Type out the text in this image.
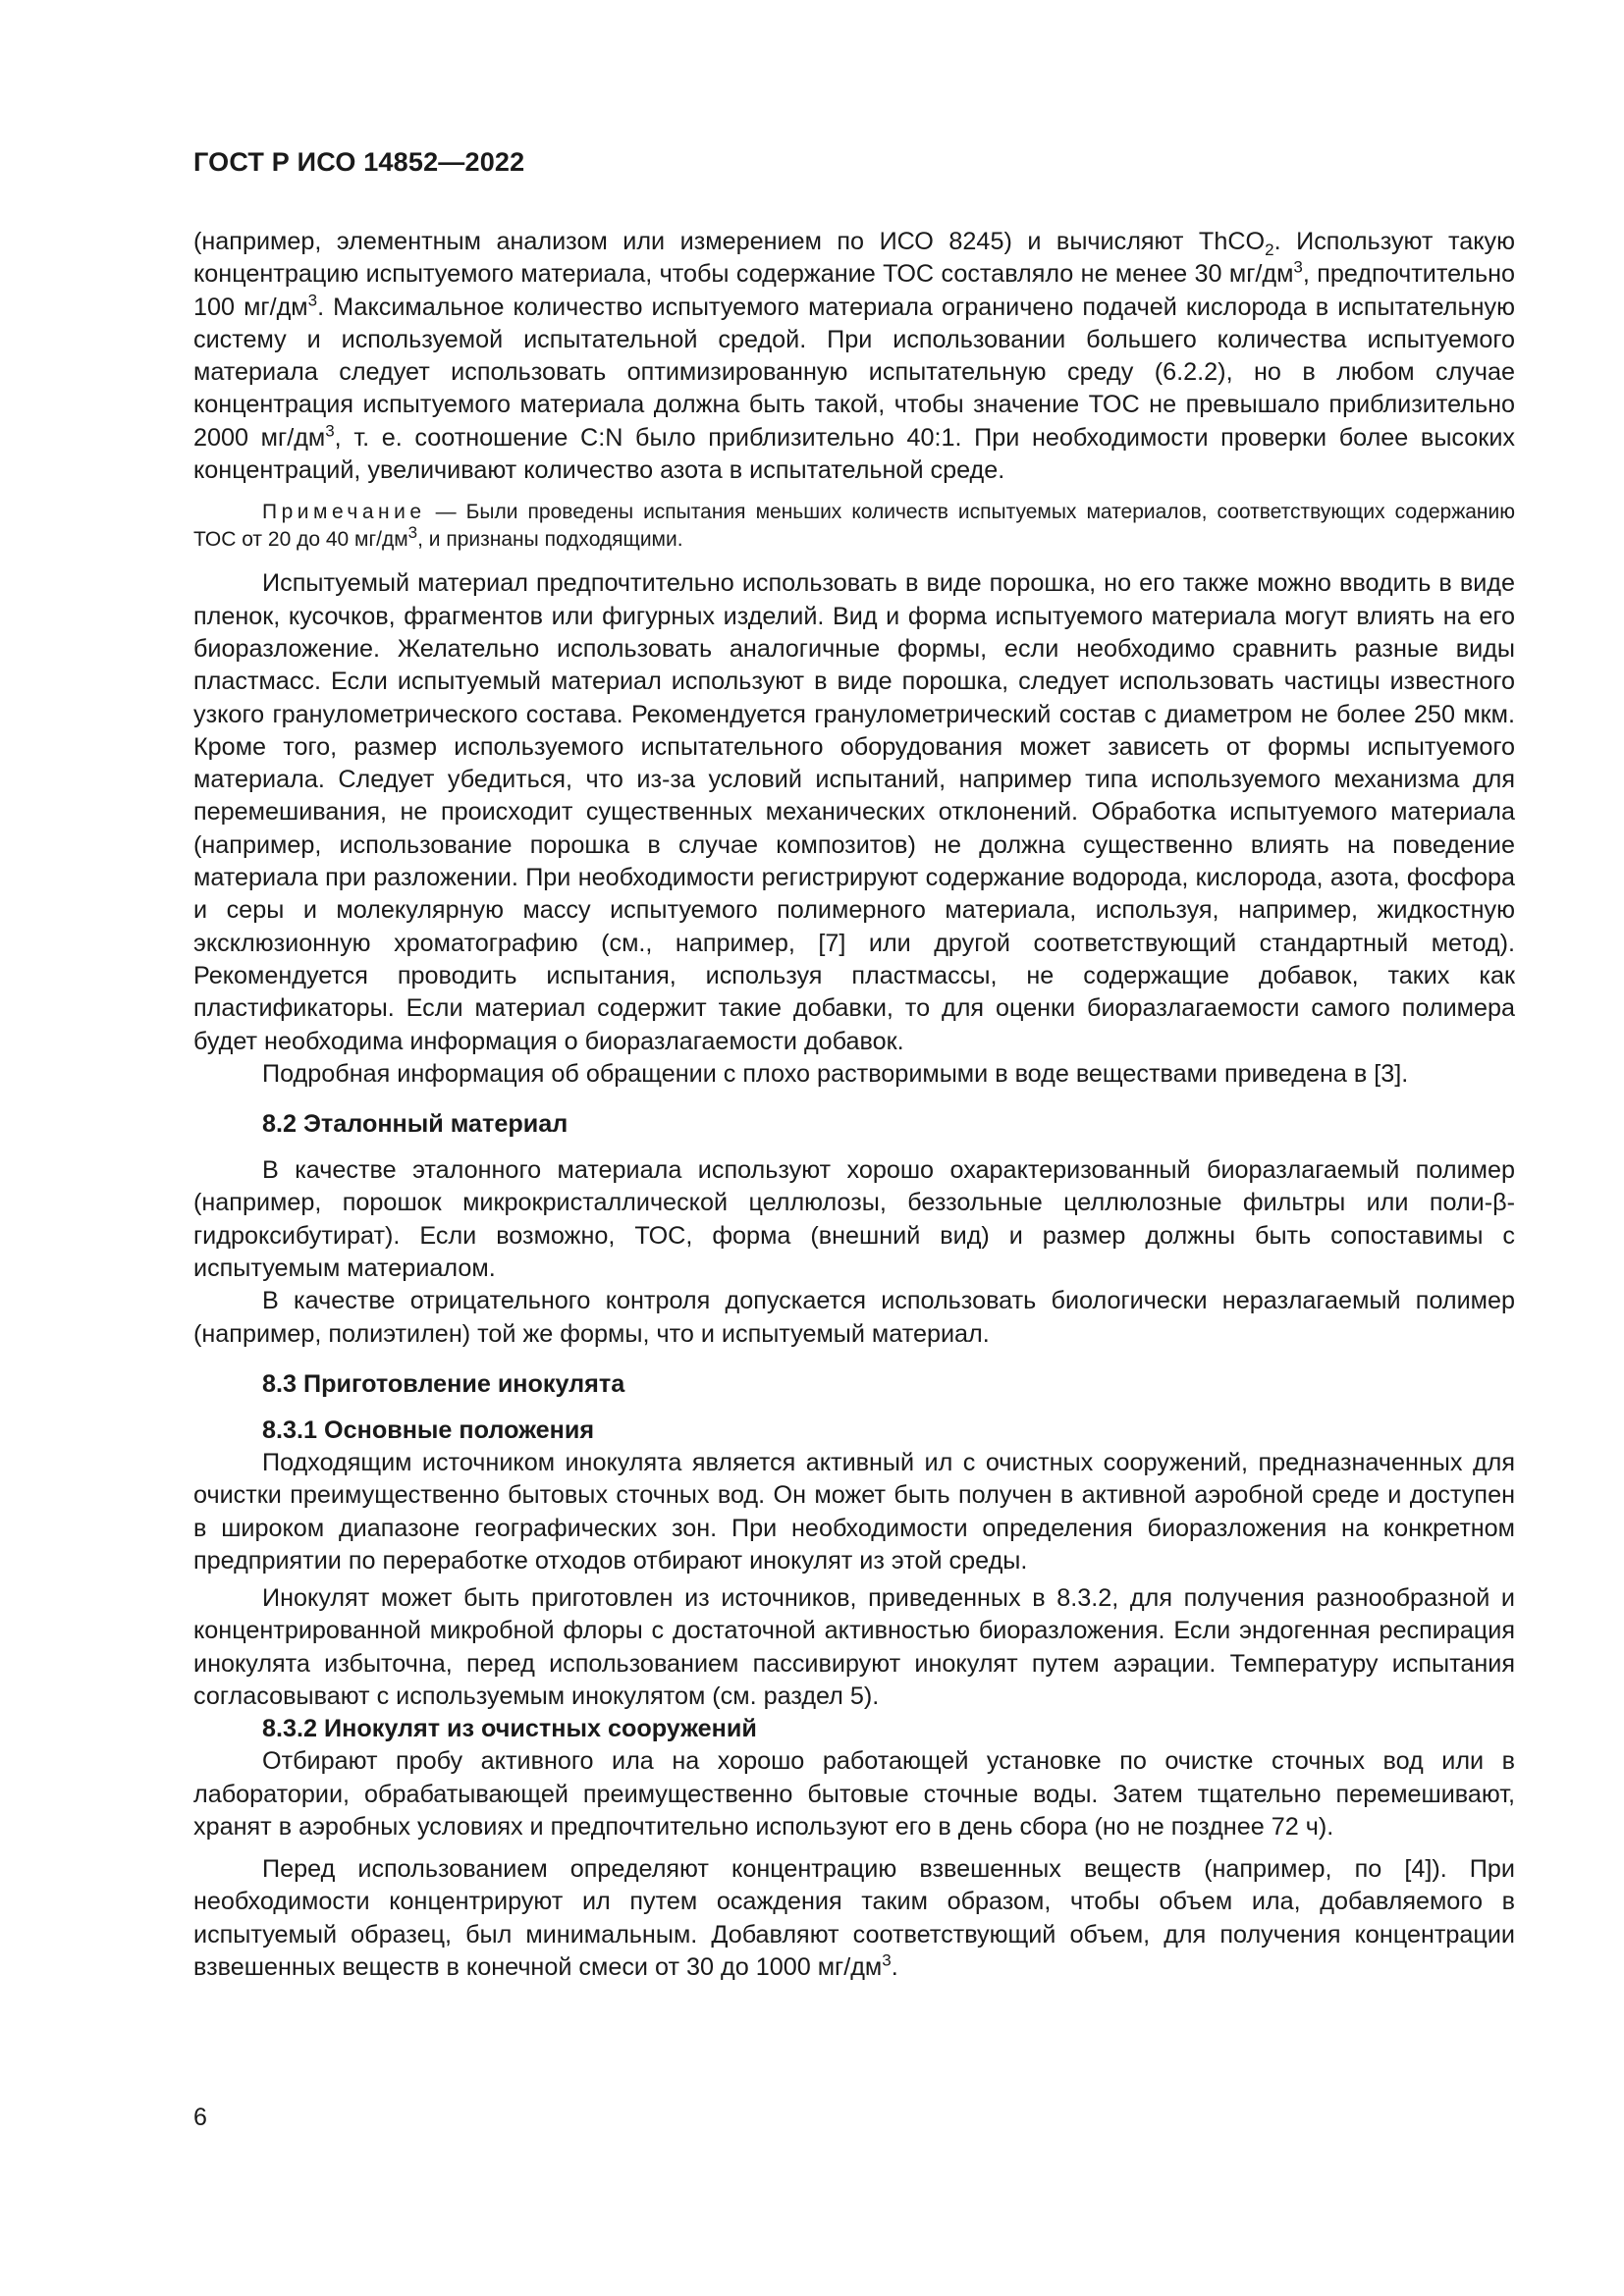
ГОСТ Р ИСО 14852—2022

(например, элементным анализом или измерением по ИСО 8245) и вычисляют ThCO$_2$. Используют такую концентрацию испытуемого материала, чтобы содержание ТОС составляло не менее 30 $мг/дм^3$, предпочтительно 100 $мг/дм^3$. Максимальное количество испытуемого материала ограничено подачей кислорода в испытательную систему и используемой испытательной средой. При использовании большего количества испытуемого материала следует использовать оптимизированную испытательную среду (6.2.2), но в любом случае концентрация испытуемого материала должна быть такой, чтобы значение ТОС не превышало приблизительно 2000 $мг/дм^3$, т. е. соотношение C:N было приблизительно 40:1. При необходимости проверки более высоких концентраций, увеличивают количество азота в испытательной среде.

Примечание — Были проведены испытания меньших количеств испытуемых материалов, соответствующих содержанию ТОС от 20 до 40 $мг/дм^3$, и признаны подходящими.

Испытуемый материал предпочтительно использовать в виде порошка, но его также можно вводить в виде пленок, кусочков, фрагментов или фигурных изделий. Вид и форма испытуемого материала могут влиять на его биоразложение. Желательно использовать аналогичные формы, если необходимо сравнить разные виды пластмасс. Если испытуемый материал используют в виде порошка, следует использовать частицы известного узкого гранулометрического состава. Рекомендуется гранулометрический состав с диаметром не более 250 мкм. Кроме того, размер используемого испытательного оборудования может зависеть от формы испытуемого материала. Следует убедиться, что из-за условий испытаний, например типа используемого механизма для перемешивания, не происходит существенных механических отклонений. Обработка испытуемого материала (например, использование порошка в случае композитов) не должна существенно влиять на поведение материала при разложении. При необходимости регистрируют содержание водорода, кислорода, азота, фосфора и серы и молекулярную массу испытуемого полимерного материала, используя, например, жидкостную эксклюзионную хроматографию (см., например, [7] или другой соответствующий стандартный метод). Рекомендуется проводить испытания, используя пластмассы, не содержащие добавок, таких как пластификаторы. Если материал содержит такие добавки, то для оценки биоразлагаемости самого полимера будет необходима информация о биоразлагаемости добавок.

Подробная информация об обращении с плохо растворимыми в воде веществами приведена в [3].

8.2 Эталонный материал

В качестве эталонного материала используют хорошо охарактеризованный биоразлагаемый полимер (например, порошок микрокристаллической целлюлозы, беззольные целлюлозные фильтры или поли-β-гидроксибутират). Если возможно, ТОС, форма (внешний вид) и размер должны быть сопоставимы с испытуемым материалом.

В качестве отрицательного контроля допускается использовать биологически неразлагаемый полимер (например, полиэтилен) той же формы, что и испытуемый материал.

8.3 Приготовление инокулята
8.3.1 Основные положения

Подходящим источником инокулята является активный ил с очистных сооружений, предназначенных для очистки преимущественно бытовых сточных вод. Он может быть получен в активной аэробной среде и доступен в широком диапазоне географических зон. При необходимости определения биоразложения на конкретном предприятии по переработке отходов отбирают инокулят из этой среды.

Инокулят может быть приготовлен из источников, приведенных в 8.3.2, для получения разнообразной и концентрированной микробной флоры с достаточной активностью биоразложения. Если эндогенная респирация инокулята избыточна, перед использованием пассивируют инокулят путем аэрации. Температуру испытания согласовывают с используемым инокулятом (см. раздел 5).

8.3.2 Инокулят из очистных сооружений

Отбирают пробу активного ила на хорошо работающей установке по очистке сточных вод или в лаборатории, обрабатывающей преимущественно бытовые сточные воды. Затем тщательно перемешивают, хранят в аэробных условиях и предпочтительно используют его в день сбора (но не позднее 72 ч).

Перед использованием определяют концентрацию взвешенных веществ (например, по [4]). При необходимости концентрируют ил путем осаждения таким образом, чтобы объем ила, добавляемого в испытуемый образец, был минимальным. Добавляют соответствующий объем, для получения концентрации взвешенных веществ в конечной смеси от 30 до 1000 $мг/дм^3$.

6
